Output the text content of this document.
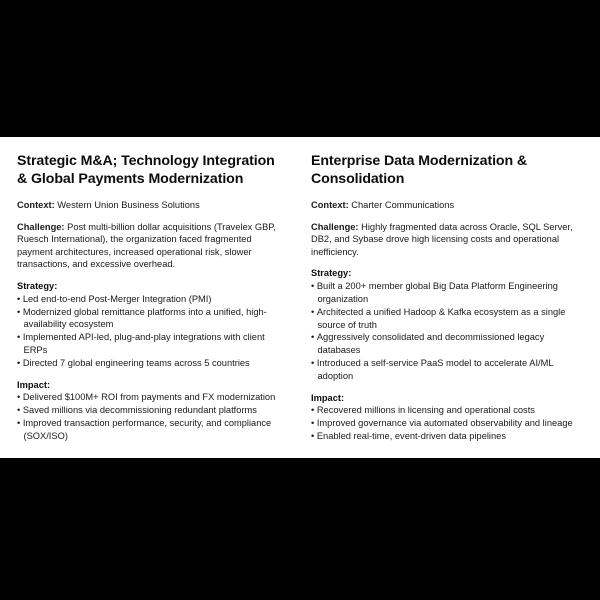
Strategic M&A; Technology Integration & Global Payments Modernization

Context: Western Union Business Solutions

Challenge: Post multi-billion dollar acquisitions (Travelex GBP, Ruesch International), the organization faced fragmented payment architectures, increased operational risk, slower transactions, and excessive overhead.

Strategy:

• Led end-to-end Post-Merger Integration (PMI)
• Modernized global remittance platforms into a unified, high-availability ecosystem
• Implemented API-led, plug-and-play integrations with client ERPs
• Directed 7 global engineering teams across 5 countries

Impact:

• Delivered $100M+ ROI from payments and FX modernization
• Saved millions via decommissioning redundant platforms
• Improved transaction performance, security, and compliance (SOX/ISO)
Enterprise Data Modernization & Consolidation

Context: Charter Communications

Challenge: Highly fragmented data across Oracle, SQL Server, DB2, and Sybase drove high licensing costs and operational inefficiency.

Strategy:

• Built a 200+ member global Big Data Platform Engineering organization
• Architected a unified Hadoop & Kafka ecosystem as a single source of truth
• Aggressively consolidated and decommissioned legacy databases
• Introduced a self-service PaaS model to accelerate AI/ML adoption

Impact:

• Recovered millions in licensing and operational costs
• Improved governance via automated observability and lineage
• Enabled real-time, event-driven data pipelines
